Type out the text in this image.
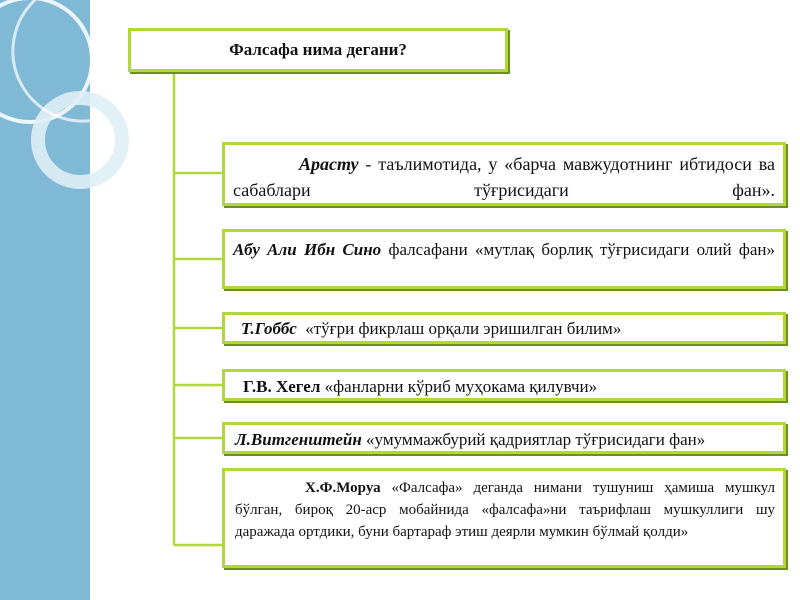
Фалсафа нима дегани?
Арасту - таълимотида, у «барча мавжудотнинг ибтидоси ва сабаблари тўғрисидаги фан».
Абу Али Ибн Сино фалсафани «мутлақ борлиқ тўғрисидаги олий фан»
Т.Гоббс  «тўғри фикрлаш орқали эришилган билим»
Г.В. Хегел «фанларни кўриб муҳокама қилувчи»
Л.Витгенштейн «умуммажбурий қадриятлар тўғрисидаги фан»
Х.Ф.Моруа «Фалсафа» деганда нимани тушуниш ҳамиша мушкул бўлган, бироқ 20-аср мобайнида «фалсафа»ни таърифлаш мушкуллиги шу даражада ортдики, буни бартараф этиш деярли мумкин бўлмай қолди»
